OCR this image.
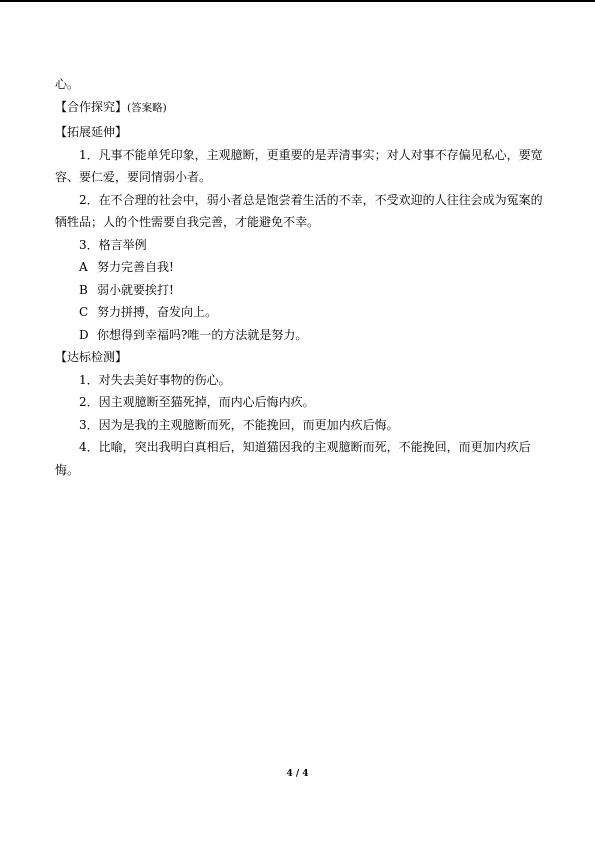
心。
【合作探究】(答案略)
【拓展延伸】
1．凡事不能单凭印象，主观臆断，更重要的是弄清事实；对人对事不存偏见私心，要宽容、要仁爱，要同情弱小者。
2．在不合理的社会中，弱小者总是饱尝着生活的不幸，不受欢迎的人往往会成为冤案的牺牲品；人的个性需要自我完善，才能避免不幸。
3．格言举例
A 努力完善自我!
B 弱小就要挨打!
C 努力拼搏，奋发向上。
D 你想得到幸福吗?唯一的方法就是努力。
【达标检测】
1．对失去美好事物的伤心。
2．因主观臆断至猫死掉，而内心后悔内疚。
3．因为是我的主观臆断而死，不能挽回，而更加内疚后悔。
4．比喻，突出我明白真相后，知道猫因我的主观臆断而死，不能挽回，而更加内疚后悔。
4 / 4
